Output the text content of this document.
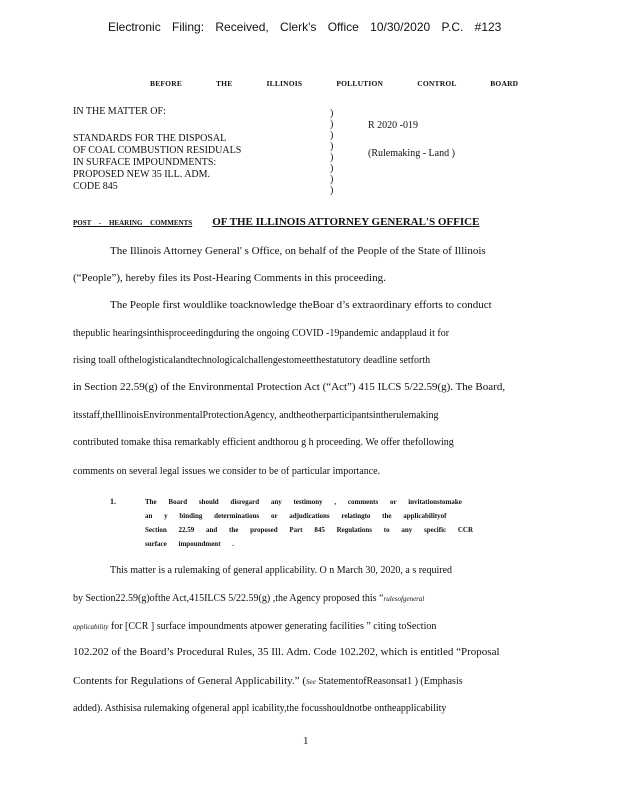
Electronic Filing: Received, Clerk's Office 10/30/2020 P.C. #123
BEFORE THE ILLINOIS POLLUTION CONTROL BOARD
IN THE MATTER OF:
STANDARDS FOR THE DISPOSAL
OF COAL COMBUSTION RESIDUALS
IN SURFACE IMPOUNDMENTS:
PROPOSED NEW 35 ILL. ADM.
CODE 845
)
)
)
)
)
)
)
)
R 2020 -019
(Rulemaking - Land )
POST - HEARING COMMENTS OF THE ILLINOIS ATTORNEY GENERAL'S OFFICE
The Illinois Attorney General' s Office, on behalf of the People of the State of Illinois
(“People”), hereby files its Post-Hearing Comments in this proceeding.
The People first wouldlike toacknowledge theBoar d’s extraordinary efforts to conduct
thepublic hearingsinthisproceedingduring the ongoing COVID -19pandemic andapplaud it for
rising toall ofthelogisticalandtechnologicalchallengestomeetthestatutory deadline setforth
in Section 22.59(g) of the Environmental Protection Act (“Act”) 415 ILCS 5/22.59(g). The Board,
itsstaff,theIllinoisEnvironmentalProtectionAgency, andtheotherparticipantsintherulemaking
contributed tomake thisa remarkably efficient andthorou g h proceeding. We offer thefollowing
comments on several legal issues we consider to be of particular importance.
1.	The Board should disregard any testimony , comments or invitationstomake
an y binding determinations or adjudications relatingto the applicabilityof
Section 22.59 and the proposed Part 845 Regulations to any specific CCR
surface impoundment .
This matter is a rulemaking of general applicability. O n March 30, 2020, a s required
by Section22.59(g)ofthe Act,415ILCS 5/22.59(g) ,the Agency proposed this “rulesofgeneral
applicability for [CCR ] surface impoundments atpower generating facilities ” citing toSection
102.202 of the Board’s Procedural Rules, 35 Ill. Adm. Code 102.202, which is entitled “Proposal
Contents for Regulations of General Applicability.” (See StatementofReasonsat1 ) (Emphasis
added). Asthisisa rulemaking ofgeneral appl icability,the focusshouldnotbe ontheapplicability
1
